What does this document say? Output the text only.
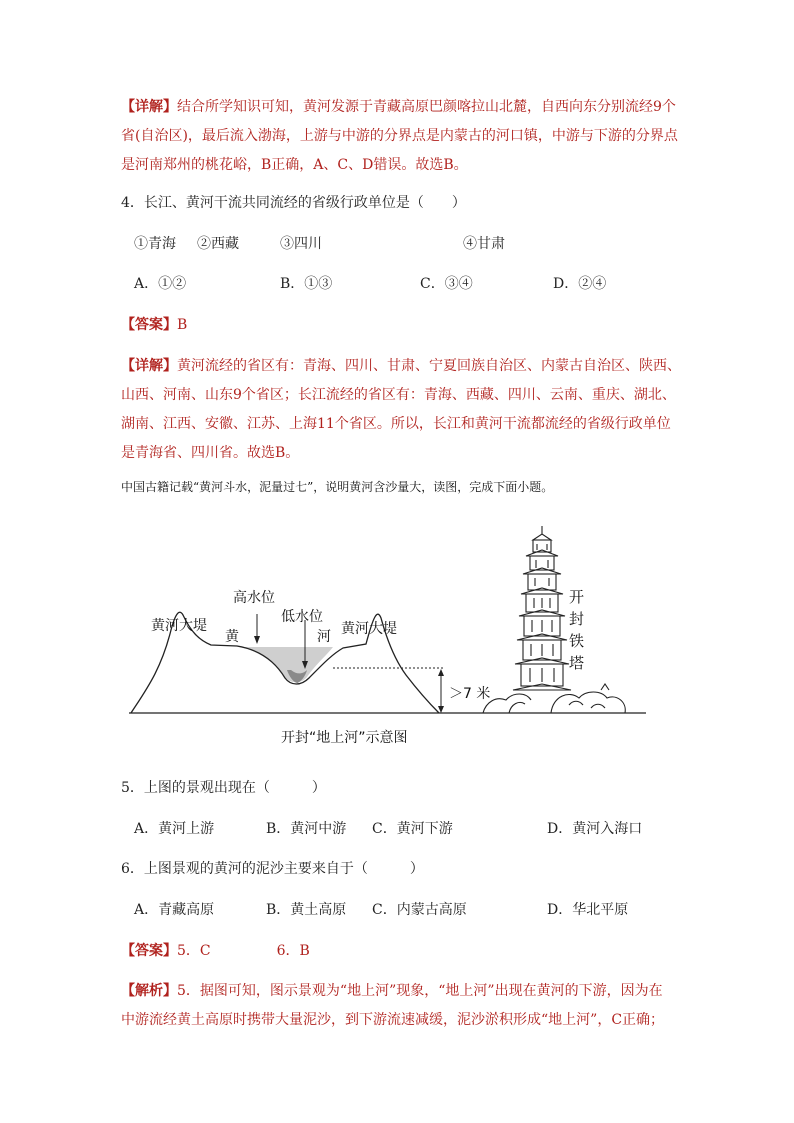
【详解】结合所学知识可知，黄河发源于青藏高原巴颜喀拉山北麓，自西向东分别流经9个
省(自治区)，最后流入渤海，上游与中游的分界点是内蒙古的河口镇，中游与下游的分界点
是河南郑州的桃花峪，B正确，A、C、D错误。故选B。
4．长江、黄河干流共同流经的省级行政单位是（　　）
①青海 ②西藏	③四川	④甘肃
A．①②	B．①③	C．③④	D．②④
【答案】B
【详解】黄河流经的省区有：青海、四川、甘肃、宁夏回族自治区、内蒙古自治区、陕西、
山西、河南、山东9个省区；长江流经的省区有：青海、西藏、四川、云南、重庆、湖北、
湖南、江西、安徽、江苏、上海11个省区。所以，长江和黄河干流都流经的省级行政单位
是青海省、四川省。故选B。
中国古籍记载“黄河斗水，泥量过七”，说明黄河含沙量大，读图，完成下面小题。
黄河大堤
高水位
黄
低水位
河 黄河大堤
＞7 米
开
封
铁
塔
开封“地上河”示意图
5．上图的景观出现在（　　　）
A．黄河上游	B．黄河中游 C．黄河下游	D．黄河入海口
6．上图景观的黄河的泥沙主要来自于（　　　）
A．青藏高原	B．黄土高原 C．内蒙古高原	D．华北平原
【答案】5．C	6．B
【解析】5．据图可知，图示景观为“地上河”现象，“地上河”出现在黄河的下游，因为在
中游流经黄土高原时携带大量泥沙，到下游流速减缓，泥沙淤积形成“地上河”，C正确；
